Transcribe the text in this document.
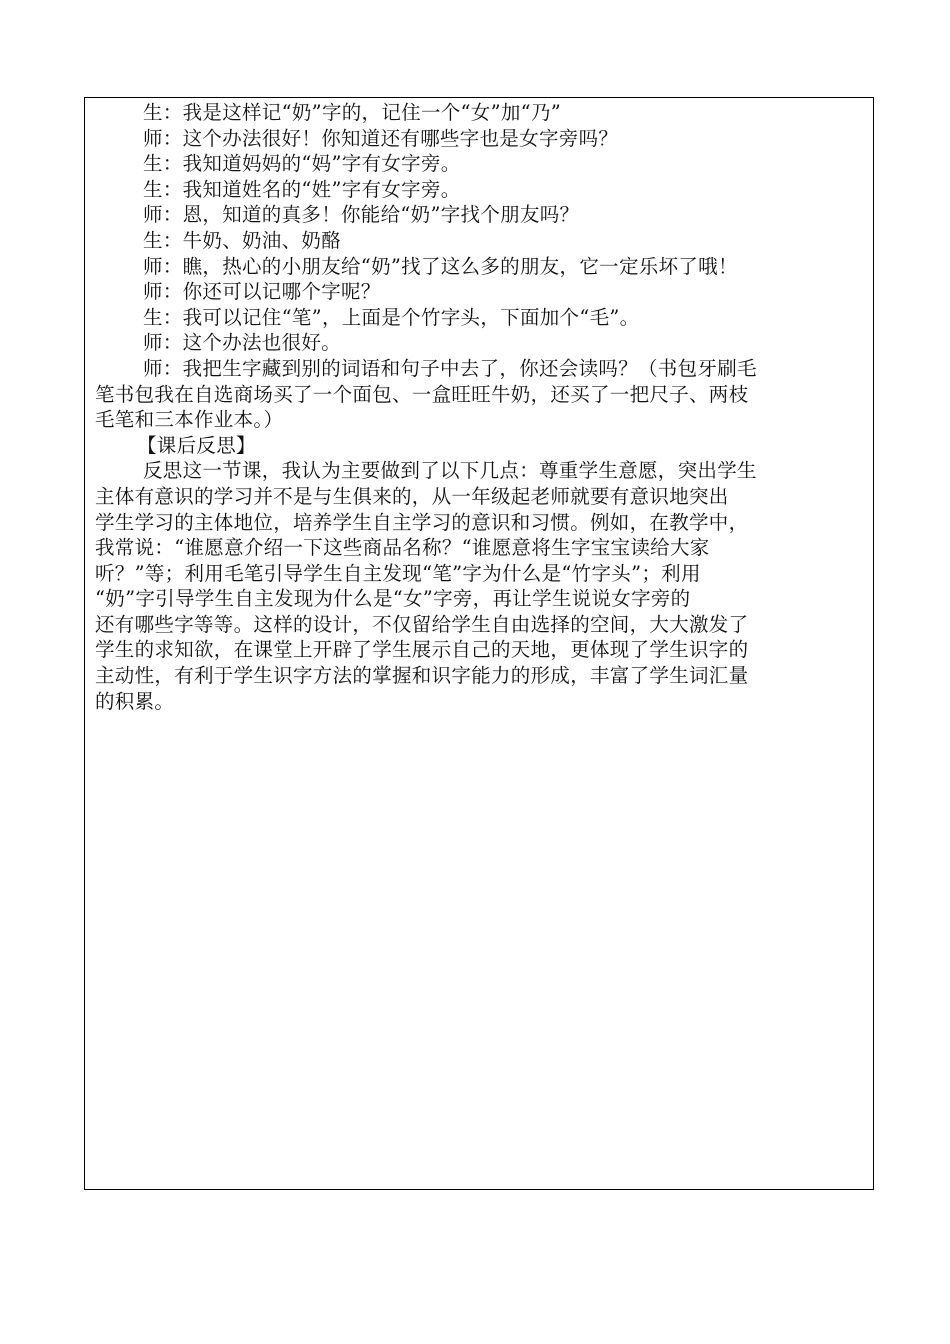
生：我是这样记“奶”字的，记住一个“女”加“乃”
师：这个办法很好！你知道还有哪些字也是女字旁吗？
生：我知道妈妈的“妈”字有女字旁。
生：我知道姓名的“姓”字有女字旁。
师：恩，知道的真多！你能给“奶”字找个朋友吗？
生：牛奶、奶油、奶酪
师：瞧，热心的小朋友给“奶”找了这么多的朋友，它一定乐坏了哦！
师：你还可以记哪个字呢？
生：我可以记住“笔”，上面是个竹字头，下面加个“毛”。
师：这个办法也很好。
师：我把生字藏到别的词语和句子中去了，你还会读吗？（书包牙刷毛
笔书包我在自选商场买了一个面包、一盒旺旺牛奶，还买了一把尺子、两枝
毛笔和三本作业本。）
【课后反思】
反思这一节课，我认为主要做到了以下几点：尊重学生意愿，突出学生
主体有意识的学习并不是与生俱来的，从一年级起老师就要有意识地突出
学生学习的主体地位，培养学生自主学习的意识和习惯。例如，在教学中，
我常说：“谁愿意介绍一下这些商品名称？“谁愿意将生字宝宝读给大家
听？”等；利用毛笔引导学生自主发现“笔”字为什么是“竹字头”；利用
“奶”字引导学生自主发现为什么是“女”字旁，再让学生说说女字旁的
还有哪些字等等。这样的设计，不仅留给学生自由选择的空间，大大激发了
学生的求知欲，在课堂上开辟了学生展示自己的天地，更体现了学生识字的
主动性，有利于学生识字方法的掌握和识字能力的形成，丰富了学生词汇量
的积累。
